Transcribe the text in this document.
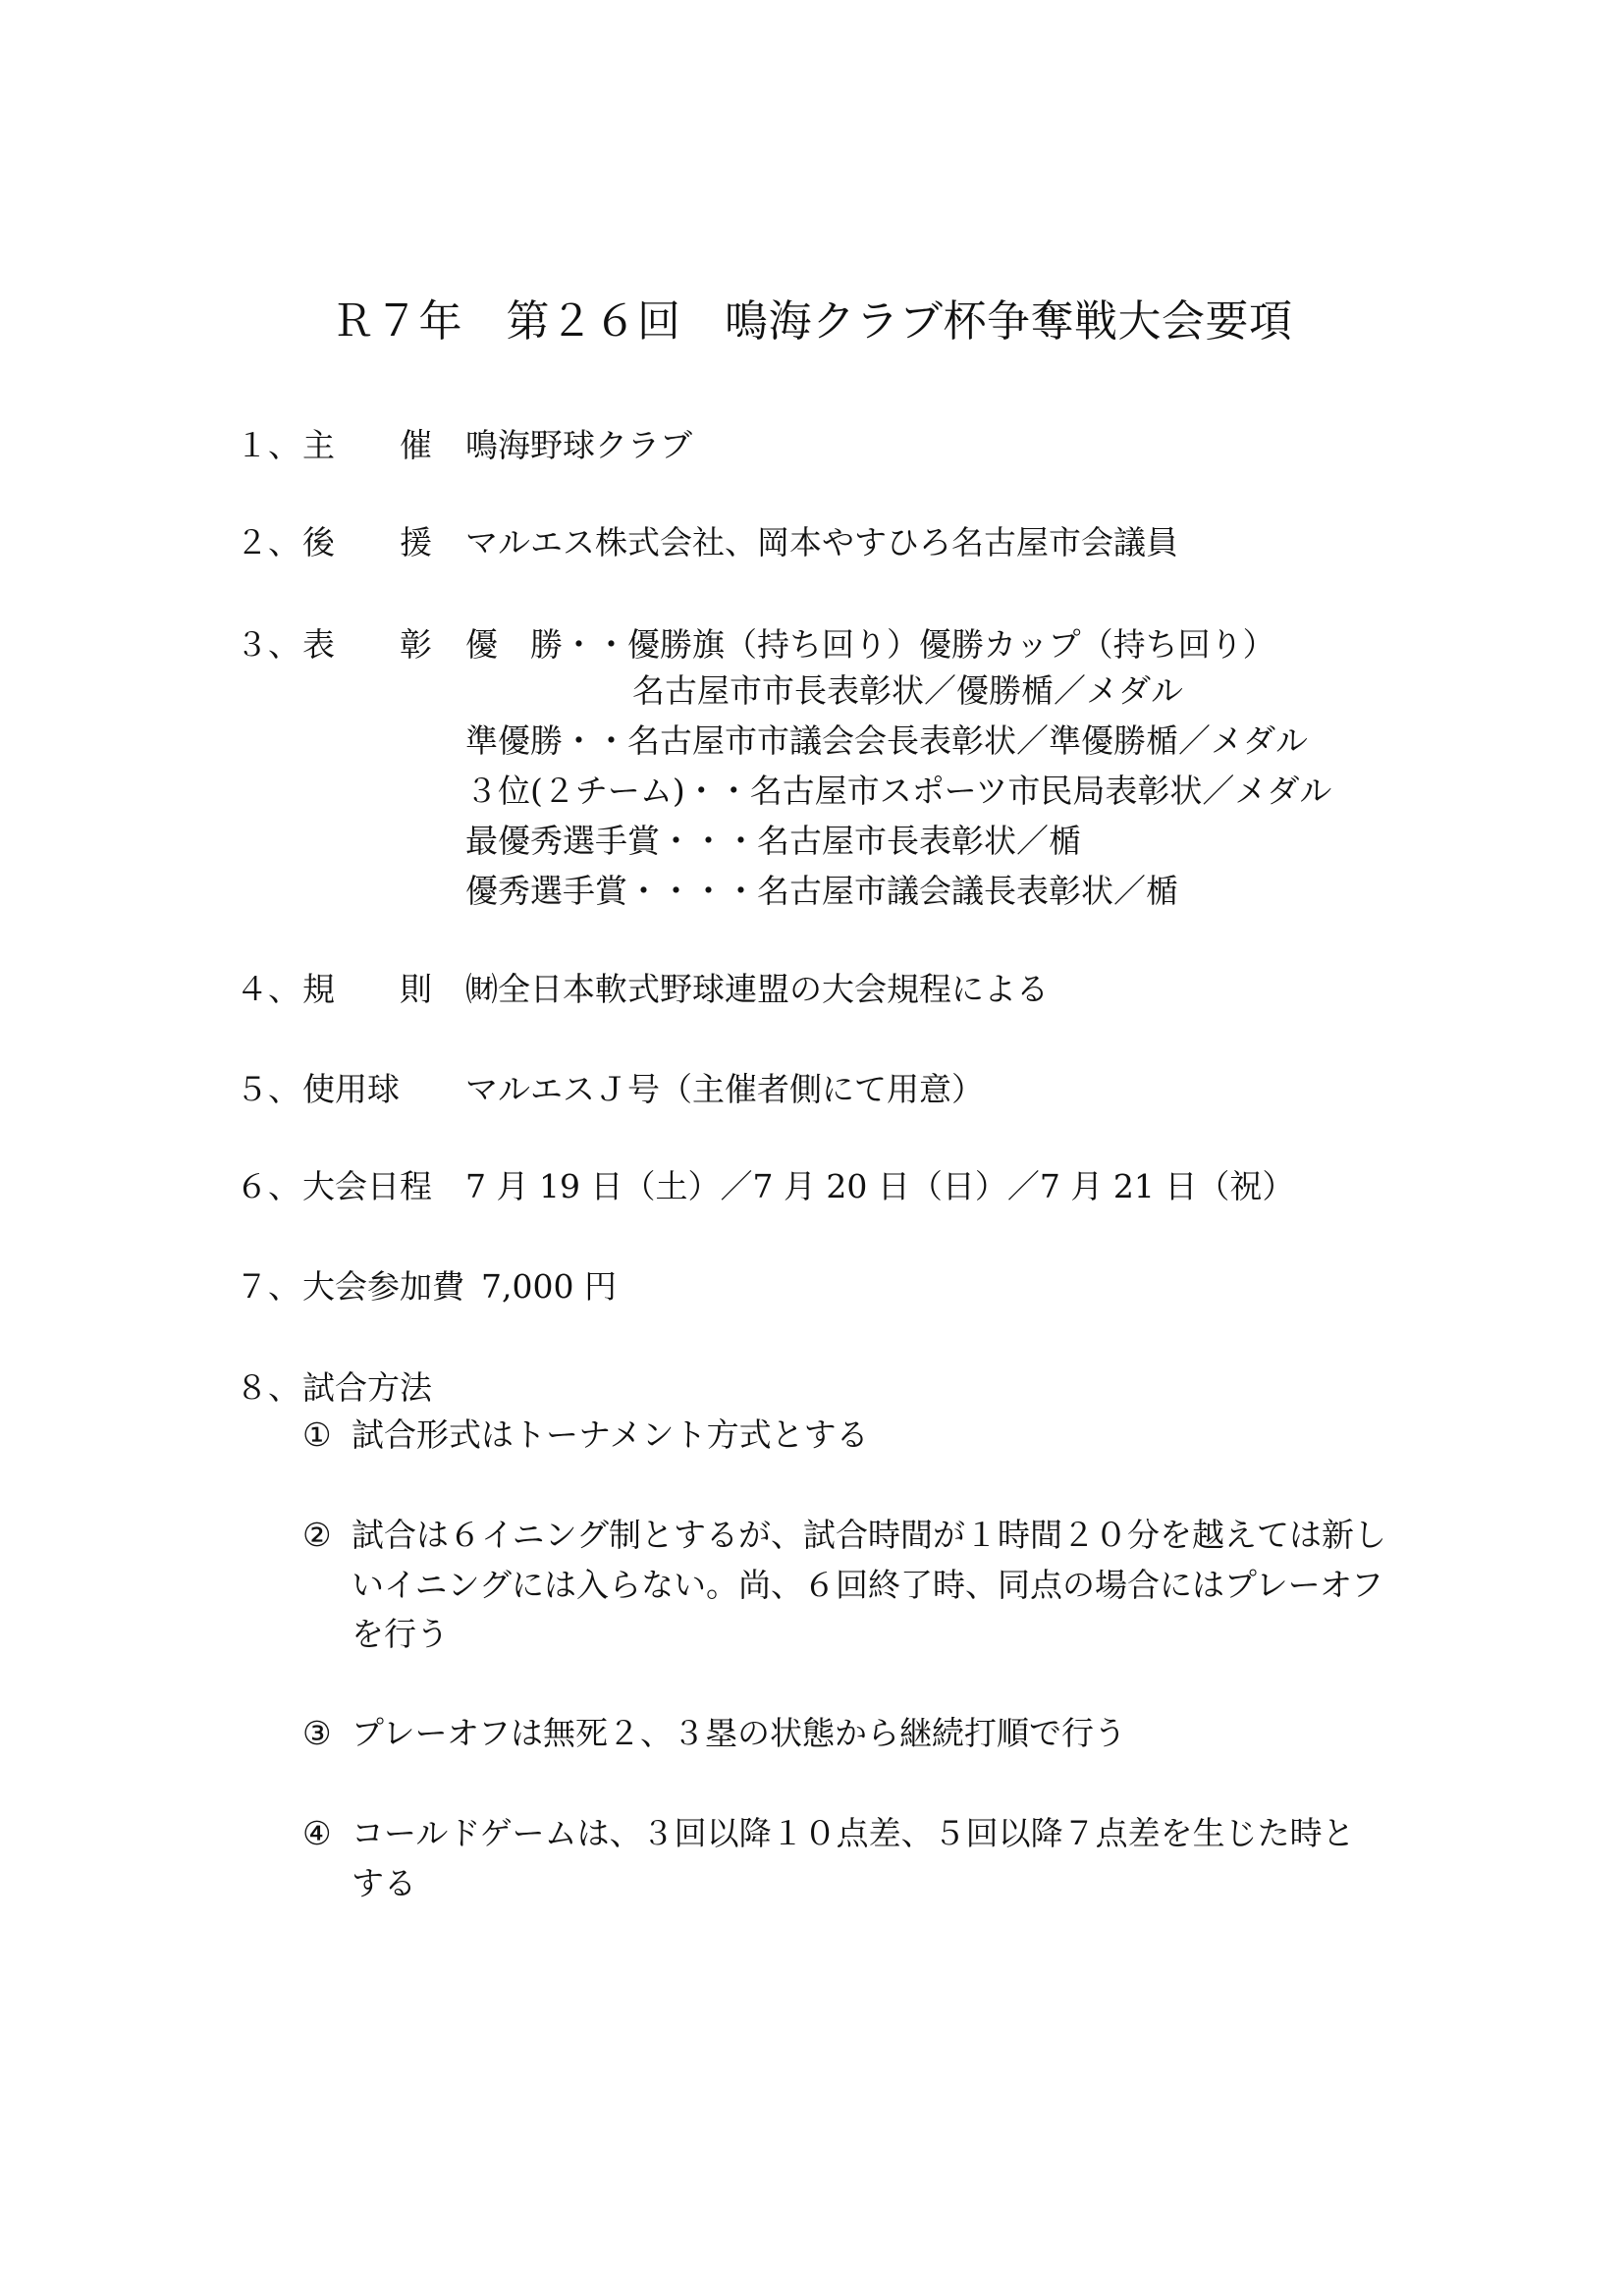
Ｒ７年　第２６回　鳴海クラブ杯争奪戦大会要項
１、 主　　催 鳴海野球クラブ
２、 後　　援 マルエス株式会社、岡本やすひろ名古屋市会議員
３、 表　　彰 優　勝・・優勝旗（持ち回り）優勝カップ（持ち回り）
名古屋市市長表彰状／優勝楯／メダル
準優勝・・名古屋市市議会会長表彰状／準優勝楯／メダル
３位(２チーム)・・名古屋市スポーツ市民局表彰状／メダル
最優秀選手賞・・・名古屋市長表彰状／楯
優秀選手賞・・・・名古屋市議会議長表彰状／楯
４、 規　　則 ㈶全日本軟式野球連盟の大会規程による
５、 使用球 マルエスＪ号（主催者側にて用意）
６、 大会日程 7 月 19 日（土）／7 月 20 日（日）／7 月 21 日（祝）
７、 大会参加費 7,000 円
８、 試合方法
① 試合形式はトーナメント方式とする
② 試合は６イニング制とするが、試合時間が１時間２０分を越えては新し
いイニングには入らない。尚、６回終了時、同点の場合にはプレーオフ
を行う
③ プレーオフは無死２、３塁の状態から継続打順で行う
④ コールドゲームは、３回以降１０点差、５回以降７点差を生じた時と
する
